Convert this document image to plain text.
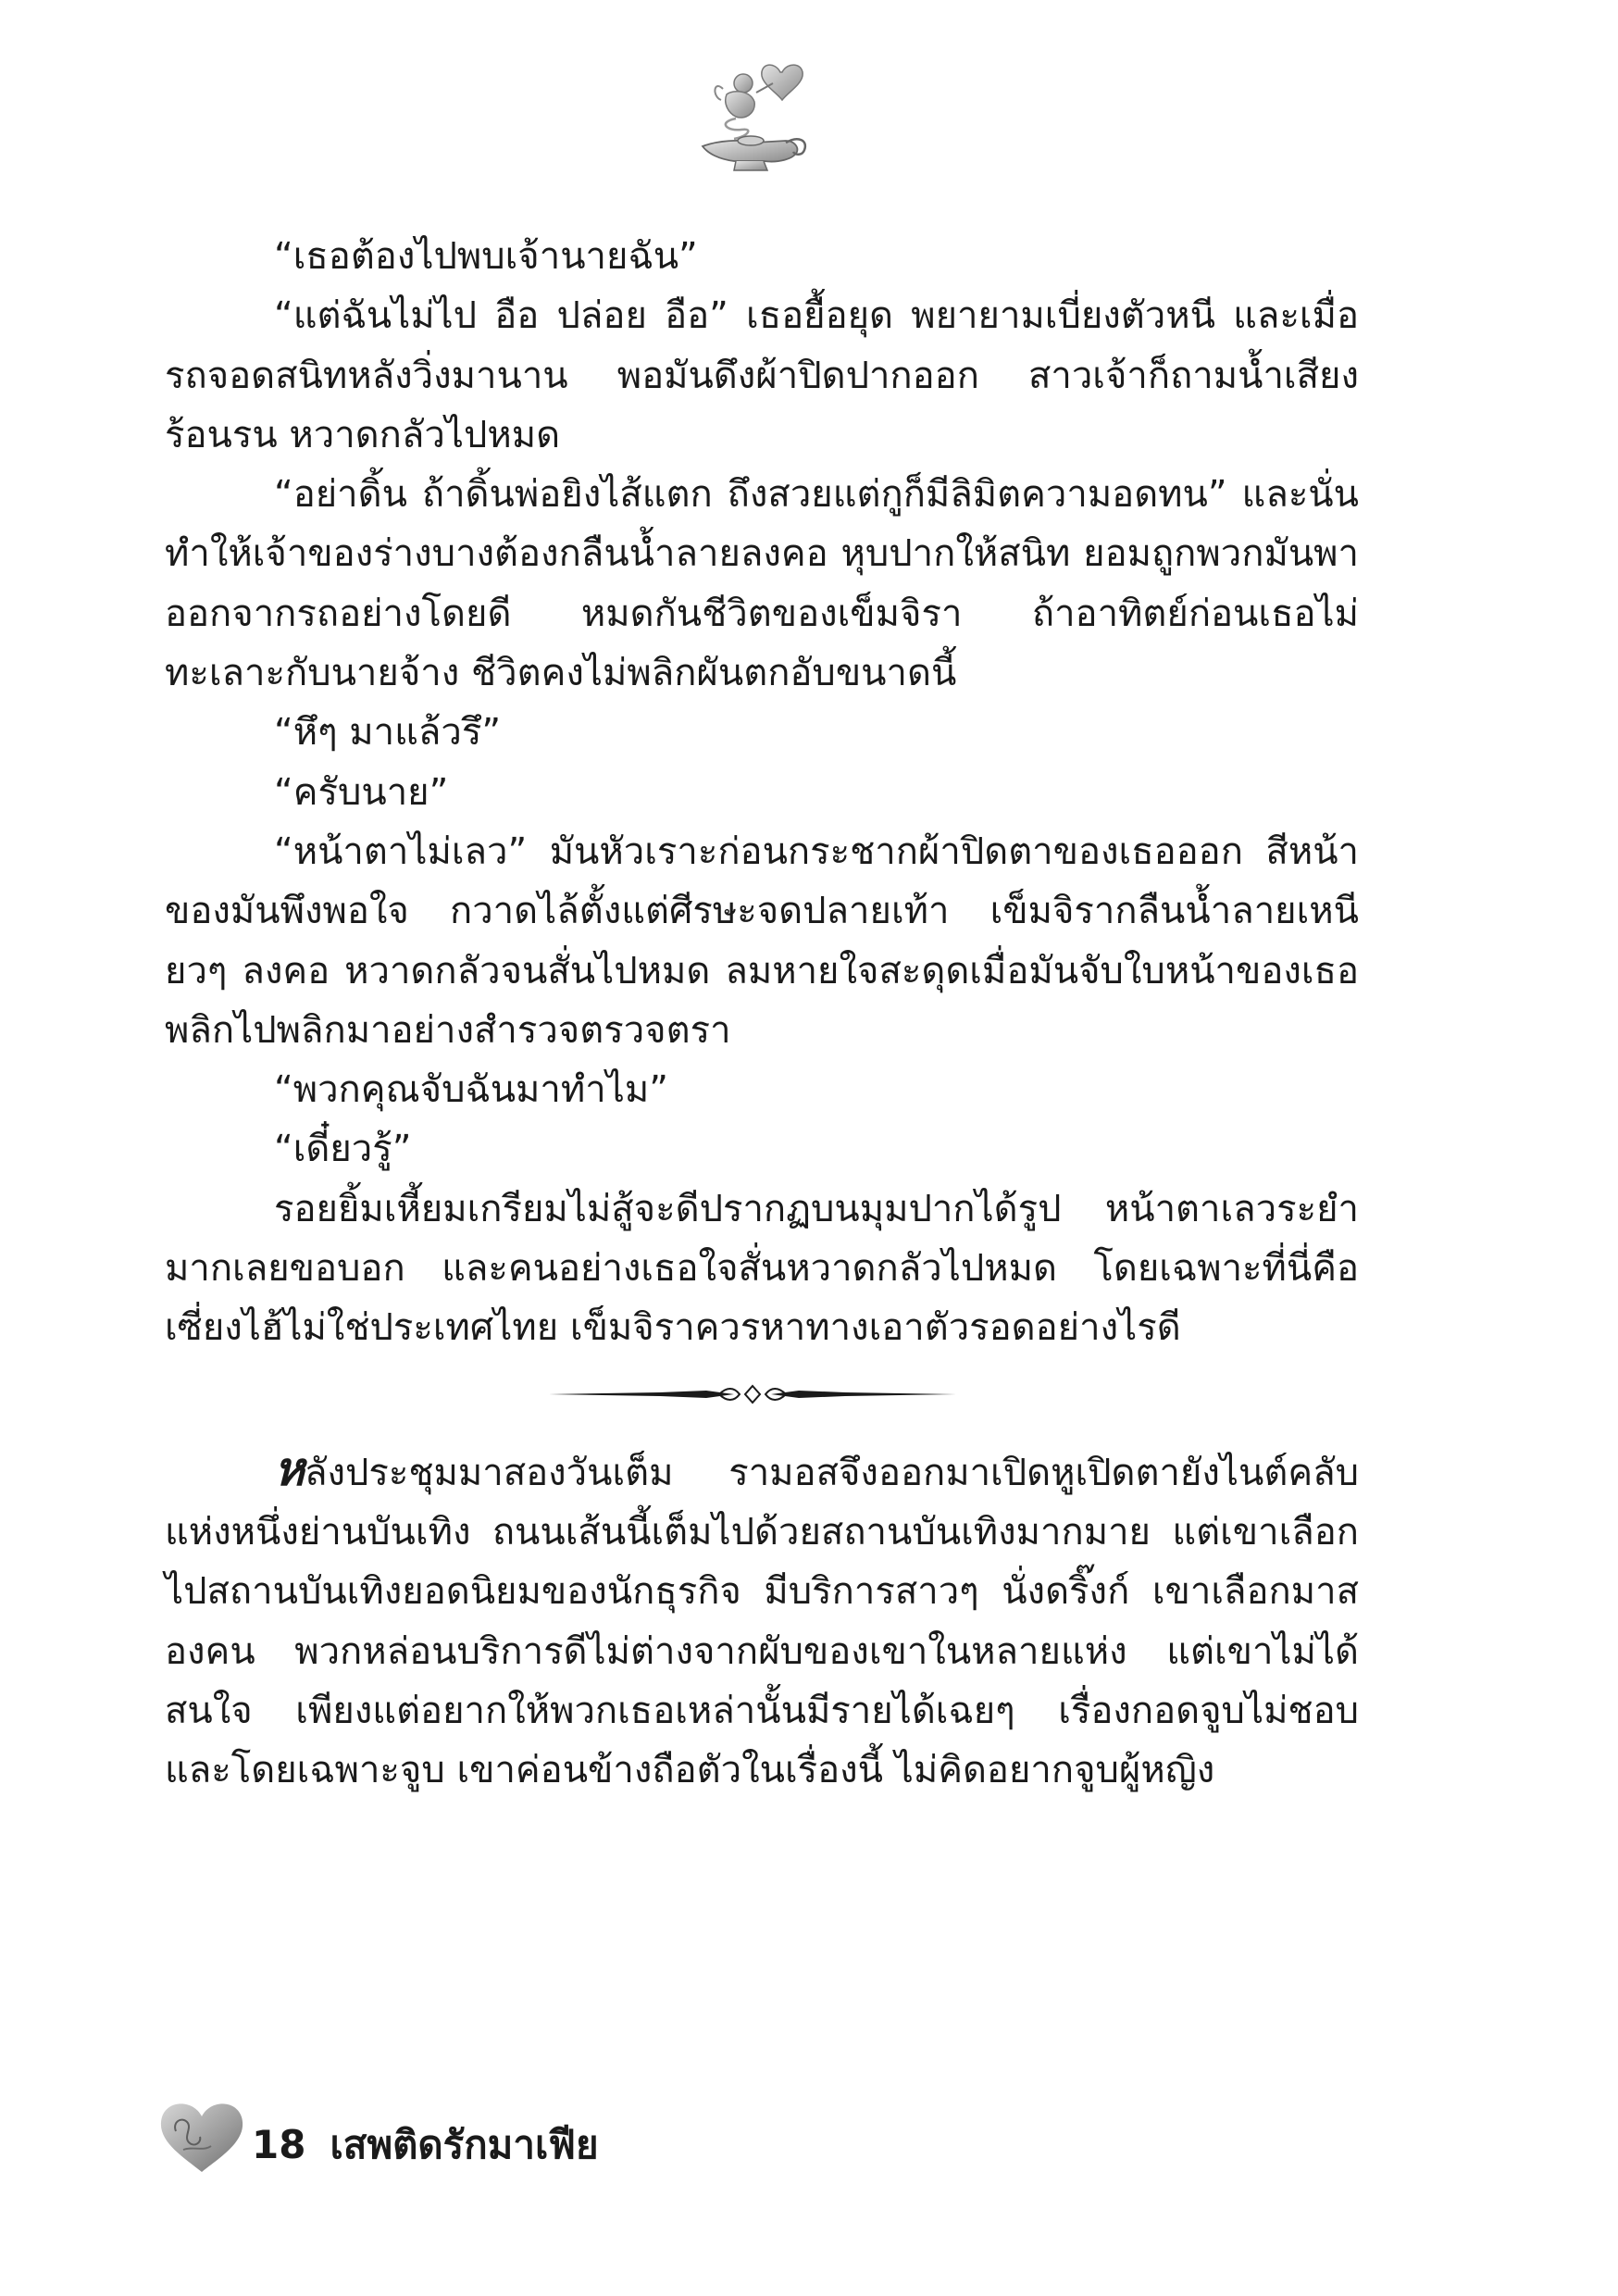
“เธอต้องไปพบเจ้านายฉัน”

“แต่ฉันไม่ไป อือ ปล่อย อือ” เธอยื้อยุด พยายามเบี่ยงตัวหนี และเมื่อรถจอดสนิทหลังวิ่งมานาน พอมันดึงผ้าปิดปากออก สาวเจ้าก็ถามน้ำเสียงร้อนรน หวาดกลัวไปหมด

“อย่าดิ้น ถ้าดิ้นพ่อยิงไส้แตก ถึงสวยแต่กูก็มีลิมิตความอดทน” และนั่นทำให้เจ้าของร่างบางต้องกลืนน้ำลายลงคอ หุบปากให้สนิท ยอมถูกพวกมันพาออกจากรถอย่างโดยดี หมดกันชีวิตของเข็มจิรา ถ้าอาทิตย์ก่อนเธอไม่ทะเลาะกับนายจ้าง ชีวิตคงไม่พลิกผันตกอับขนาดนี้

“หึๆ มาแล้วรึ”

“ครับนาย”

“หน้าตาไม่เลว” มันหัวเราะก่อนกระชากผ้าปิดตาของเธอออก สีหน้าของมันพึงพอใจ กวาดไล้ตั้งแต่ศีรษะจดปลายเท้า เข็มจิรากลืนน้ำลายเหนียวๆ ลงคอ หวาดกลัวจนสั่นไปหมด ลมหายใจสะดุดเมื่อมันจับใบหน้าของเธอพลิกไปพลิกมาอย่างสำรวจตรวจตรา

“พวกคุณจับฉันมาทำไม”

“เดี๋ยวรู้”

รอยยิ้มเหี้ยมเกรียมไม่สู้จะดีปรากฏบนมุมปากได้รูป หน้าตาเลวระยำมากเลยขอบอก และคนอย่างเธอใจสั่นหวาดกลัวไปหมด โดยเฉพาะที่นี่คือเซี่ยงไฮ้ไม่ใช่ประเทศไทย เข็มจิราควรหาทางเอาตัวรอดอย่างไรดี

หลังประชุมมาสองวันเต็ม รามอสจึงออกมาเปิดหูเปิดตายังไนต์คลับแห่งหนึ่งย่านบันเทิง ถนนเส้นนี้เต็มไปด้วยสถานบันเทิงมากมาย แต่เขาเลือกไปสถานบันเทิงยอดนิยมของนักธุรกิจ มีบริการสาวๆ นั่งดริ๊งก์ เขาเลือกมาสองคน พวกหล่อนบริการดีไม่ต่างจากผับของเขาในหลายแห่ง แต่เขาไม่ได้สนใจ เพียงแต่อยากให้พวกเธอเหล่านั้นมีรายได้เฉยๆ เรื่องกอดจูบไม่ชอบ และโดยเฉพาะจูบ เขาค่อนข้างถือตัวในเรื่องนี้ ไม่คิดอยากจูบผู้หญิง

18 เสพติดรักมาเฟีย
